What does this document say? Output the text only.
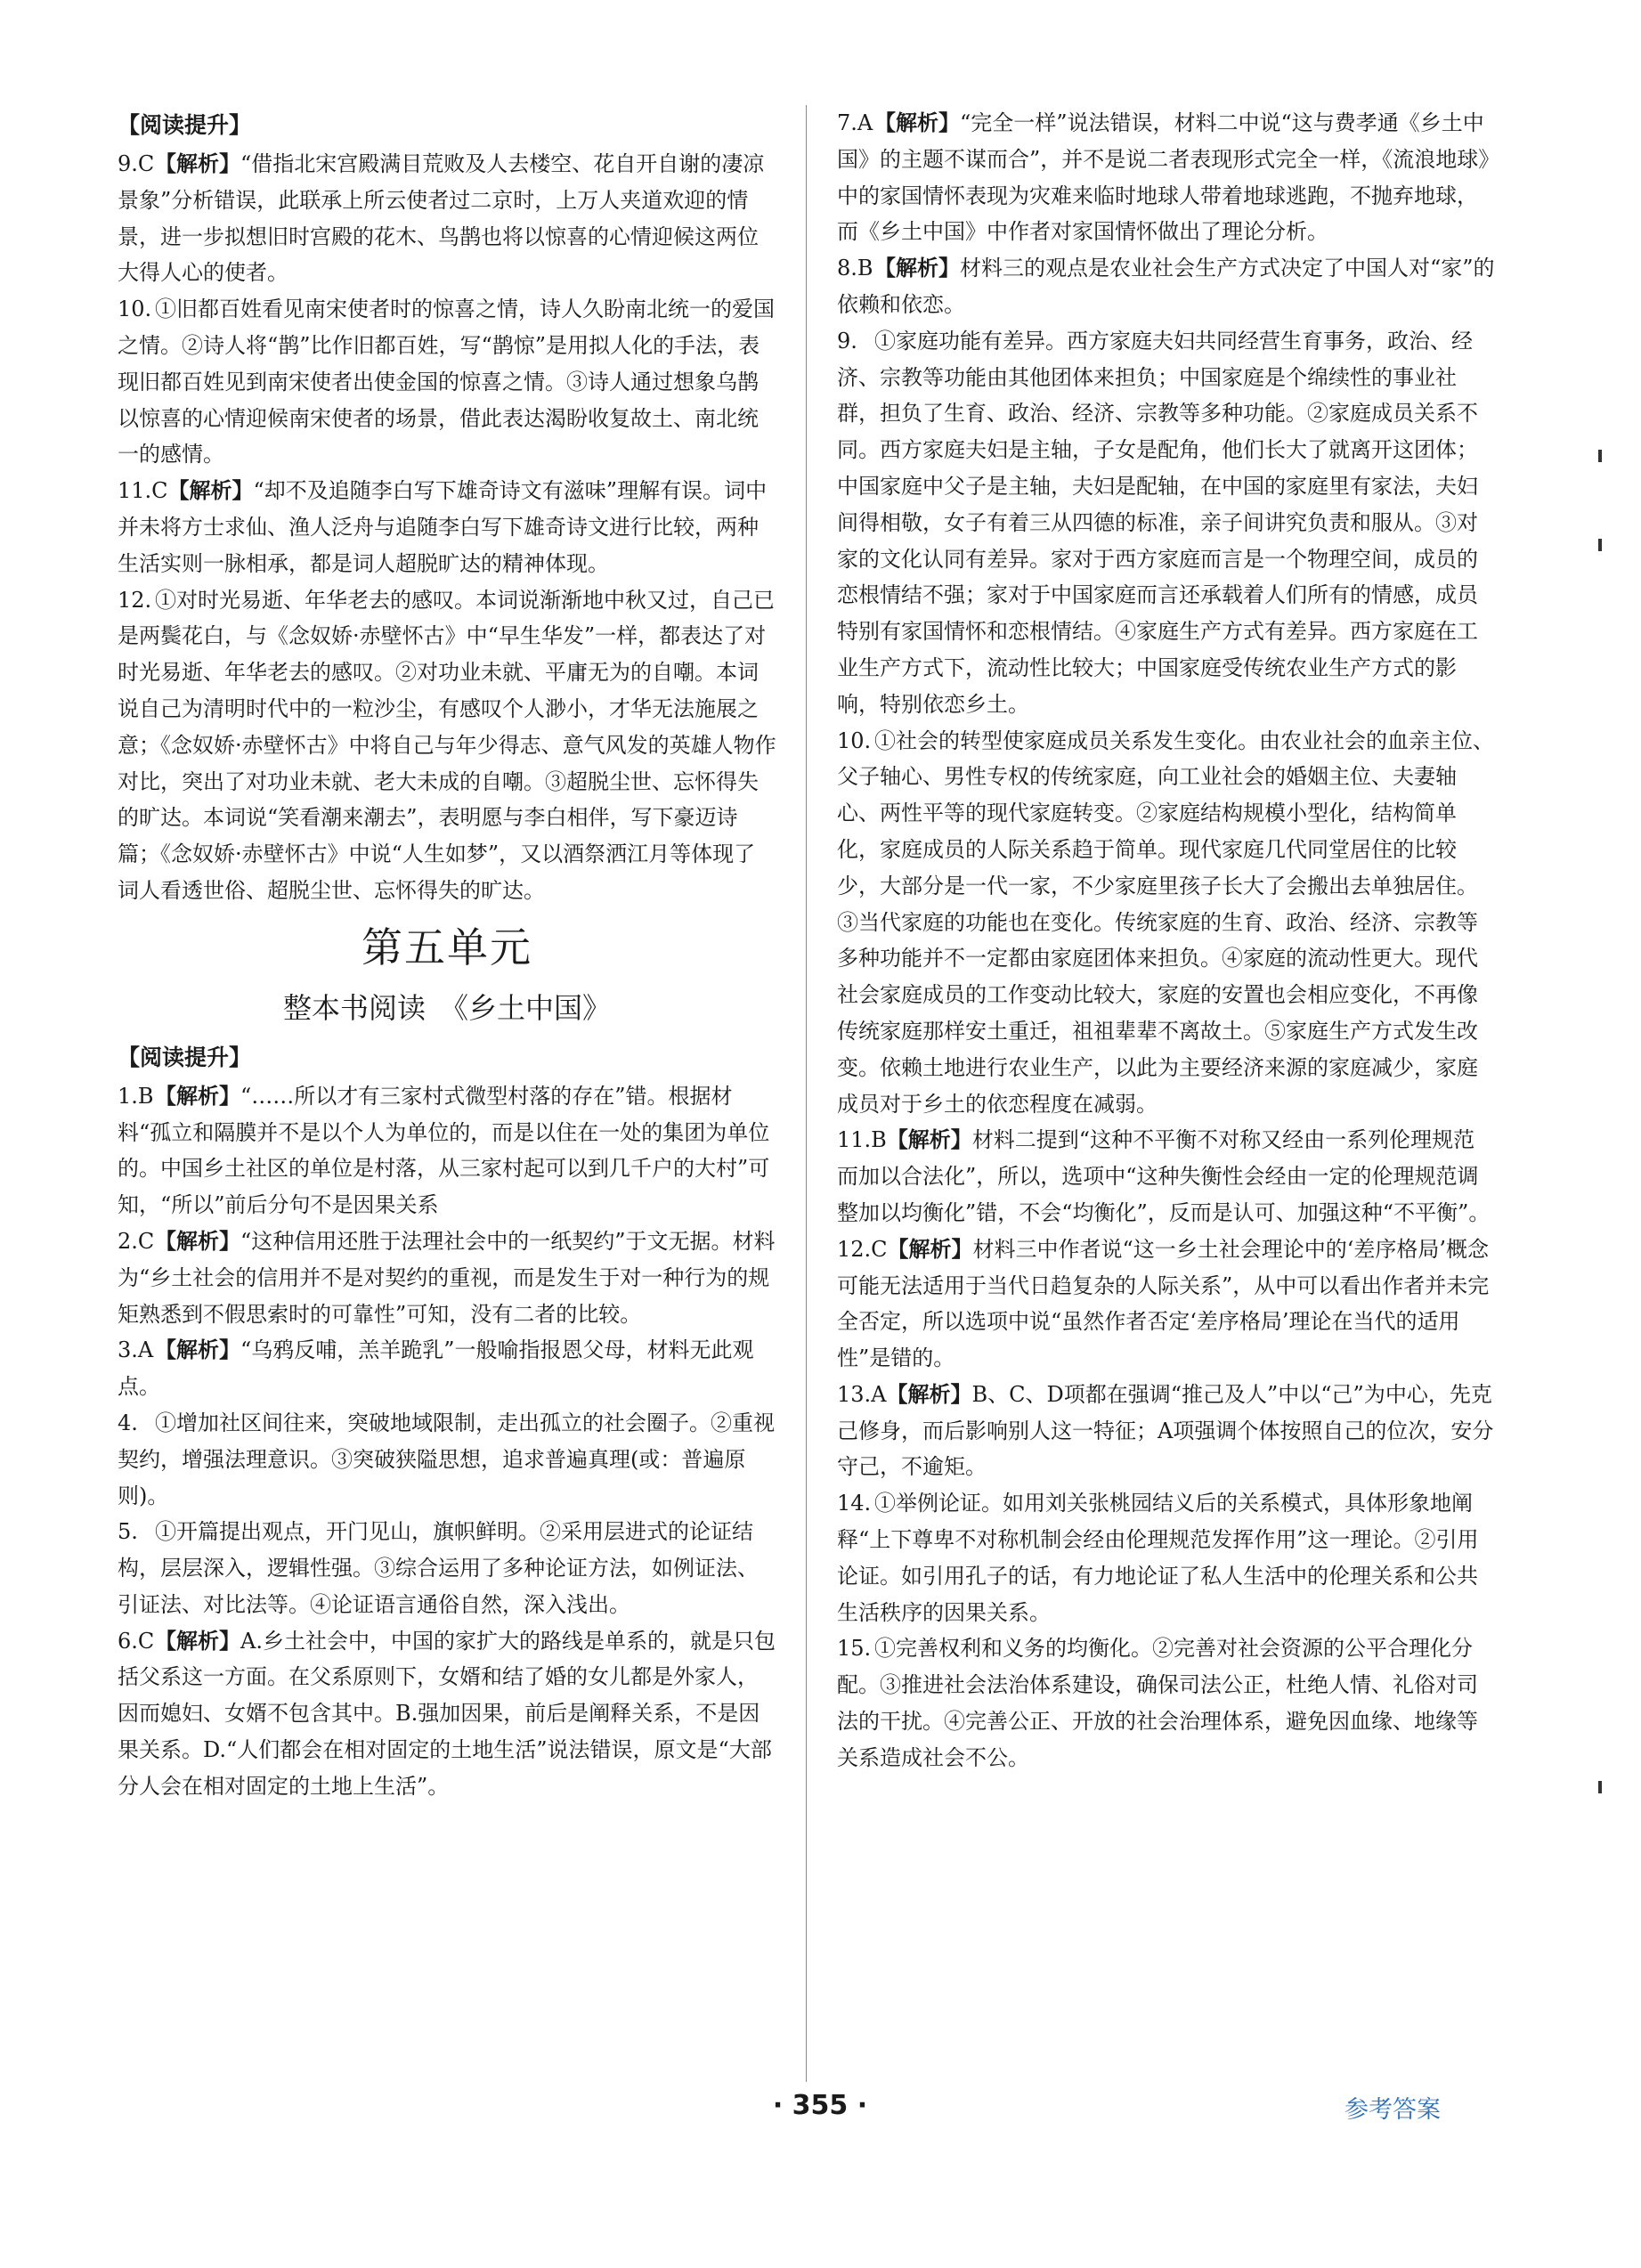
【阅读提升】

9.C【解析】“借指北宋宫殿满目荒败及人去楼空、花自开自谢的凄凉景象”分析错误，此联承上所云使者过二京时，上万人夹道欢迎的情景，进一步拟想旧时宫殿的花木、鸟鹊也将以惊喜的心情迎候这两位大得人心的使者。

10. ①旧都百姓看见南宋使者时的惊喜之情，诗人久盼南北统一的爱国之情。②诗人将“鹊”比作旧都百姓，写“鹊惊”是用拟人化的手法，表现旧都百姓见到南宋使者出使金国的惊喜之情。③诗人通过想象乌鹊以惊喜的心情迎候南宋使者的场景，借此表达渴盼收复故土、南北统一的感情。

11.C【解析】“却不及追随李白写下雄奇诗文有滋味”理解有误。词中并未将方士求仙、渔人泛舟与追随李白写下雄奇诗文进行比较，两种生活实则一脉相承，都是词人超脱旷达的精神体现。

12. ①对时光易逝、年华老去的感叹。本词说渐渐地中秋又过，自己已是两鬓花白，与《念奴娇·赤壁怀古》中“早生华发”一样，都表达了对时光易逝、年华老去的感叹。②对功业未就、平庸无为的自嘲。本词说自己为清明时代中的一粒沙尘，有感叹个人渺小，才华无法施展之意；《念奴娇·赤壁怀古》中将自己与年少得志、意气风发的英雄人物作对比，突出了对功业未就、老大未成的自嘲。③超脱尘世、忘怀得失的旷达。本词说“笑看潮来潮去”，表明愿与李白相伴，写下豪迈诗篇；《念奴娇·赤壁怀古》中说“人生如梦”，又以酒祭洒江月等体现了词人看透世俗、超脱尘世、忘怀得失的旷达。

第五单元
整本书阅读　《乡土中国》

【阅读提升】

1.B【解析】“……所以才有三家村式微型村落的存在”错。根据材料“孤立和隔膜并不是以个人为单位的，而是以住在一处的集团为单位的。中国乡土社区的单位是村落，从三家村起可以到几千户的大村”可知，“所以”前后分句不是因果关系

2.C【解析】“这种信用还胜于法理社会中的一纸契约”于文无据。材料为“乡土社会的信用并不是对契约的重视，而是发生于对一种行为的规矩熟悉到不假思索时的可靠性”可知，没有二者的比较。

3.A【解析】“乌鸦反哺，羔羊跪乳”一般喻指报恩父母，材料无此观点。

4. ①增加社区间往来，突破地域限制，走出孤立的社会圈子。②重视契约，增强法理意识。③突破狭隘思想，追求普遍真理(或：普遍原则)。

5. ①开篇提出观点，开门见山，旗帜鲜明。②采用层进式的论证结构，层层深入，逻辑性强。③综合运用了多种论证方法，如例证法、引证法、对比法等。④论证语言通俗自然，深入浅出。

6.C【解析】A.乡土社会中，中国的家扩大的路线是单系的，就是只包括父系这一方面。在父系原则下，女婿和结了婚的女儿都是外家人，因而媳妇、女婿不包含其中。B.强加因果，前后是阐释关系，不是因果关系。D.“人们都会在相对固定的土地生活”说法错误，原文是“大部分人会在相对固定的土地上生活”。

7.A【解析】“完全一样”说法错误，材料二中说“这与费孝通《乡土中国》的主题不谋而合”，并不是说二者表现形式完全一样，《流浪地球》中的家国情怀表现为灾难来临时地球人带着地球逃跑，不抛弃地球，而《乡土中国》中作者对家国情怀做出了理论分析。

8.B【解析】材料三的观点是农业社会生产方式决定了中国人对“家”的依赖和依恋。

9. ①家庭功能有差异。西方家庭夫妇共同经营生育事务，政治、经济、宗教等功能由其他团体来担负；中国家庭是个绵续性的事业社群，担负了生育、政治、经济、宗教等多种功能。②家庭成员关系不同。西方家庭夫妇是主轴，子女是配角，他们长大了就离开这团体；中国家庭中父子是主轴，夫妇是配轴，在中国的家庭里有家法，夫妇间得相敬，女子有着三从四德的标准，亲子间讲究负责和服从。③对家的文化认同有差异。家对于西方家庭而言是一个物理空间，成员的恋根情结不强；家对于中国家庭而言还承载着人们所有的情感，成员特别有家国情怀和恋根情结。④家庭生产方式有差异。西方家庭在工业生产方式下，流动性比较大；中国家庭受传统农业生产方式的影响，特别依恋乡土。

10. ①社会的转型使家庭成员关系发生变化。由农业社会的血亲主位、父子轴心、男性专权的传统家庭，向工业社会的婚姻主位、夫妻轴心、两性平等的现代家庭转变。②家庭结构规模小型化，结构简单化，家庭成员的人际关系趋于简单。现代家庭几代同堂居住的比较少，大部分是一代一家，不少家庭里孩子长大了会搬出去单独居住。③当代家庭的功能也在变化。传统家庭的生育、政治、经济、宗教等多种功能并不一定都由家庭团体来担负。④家庭的流动性更大。现代社会家庭成员的工作变动比较大，家庭的安置也会相应变化，不再像传统家庭那样安土重迁，祖祖辈辈不离故土。⑤家庭生产方式发生改变。依赖土地进行农业生产，以此为主要经济来源的家庭减少，家庭成员对于乡土的依恋程度在减弱。

11.B【解析】材料二提到“这种不平衡不对称又经由一系列伦理规范而加以合法化”，所以，选项中“这种失衡性会经由一定的伦理规范调整加以均衡化”错，不会“均衡化”，反而是认可、加强这种“不平衡”。

12.C【解析】材料三中作者说“这一乡土社会理论中的‘差序格局’概念可能无法适用于当代日趋复杂的人际关系”，从中可以看出作者并未完全否定，所以选项中说“虽然作者否定‘差序格局’理论在当代的适用性”是错的。

13.A【解析】B、C、D项都在强调“推己及人”中以“己”为中心，先克己修身，而后影响别人这一特征；A项强调个体按照自己的位次，安分守己，不逾矩。

14. ①举例论证。如用刘关张桃园结义后的关系模式，具体形象地阐释“上下尊卑不对称机制会经由伦理规范发挥作用”这一理论。②引用论证。如引用孔子的话，有力地论证了私人生活中的伦理关系和公共生活秩序的因果关系。

15. ①完善权利和义务的均衡化。②完善对社会资源的公平合理化分配。③推进社会法治体系建设，确保司法公正，杜绝人情、礼俗对司法的干扰。④完善公正、开放的社会治理体系，避免因血缘、地缘等关系造成社会不公。

· 355 ·	参考答案
